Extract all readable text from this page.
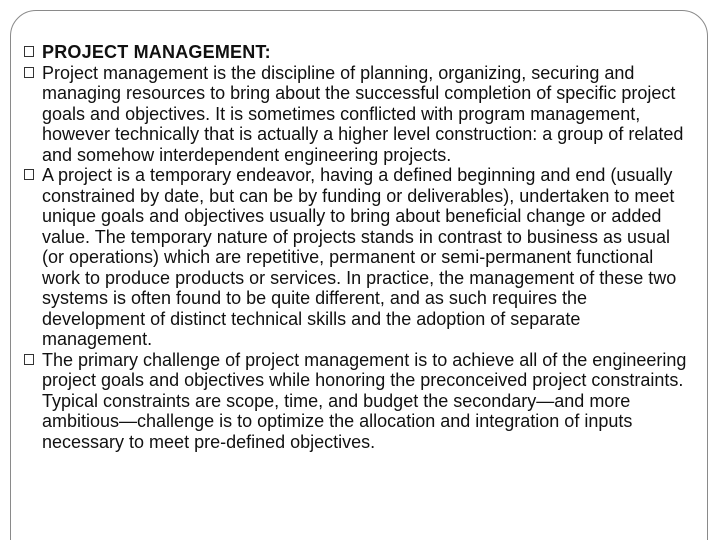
PROJECT MANAGEMENT:

Project management is the discipline of planning, organizing, securing and managing resources to bring about the successful completion of specific project goals and objectives. It is sometimes conflicted with program management, however technically that is actually a higher level construction: a group of related and somehow interdependent engineering projects.

A project is a temporary endeavor, having a defined beginning and end (usually constrained by date, but can be by funding or deliverables), undertaken to meet unique goals and objectives usually to bring about beneficial change or added value. The temporary nature of projects stands in contrast to business as usual (or operations) which are repetitive, permanent or semi-permanent functional work to produce products or services. In practice, the management of these two systems is often found to be quite different, and as such requires the development of distinct technical skills and the adoption of separate management.

The primary challenge of project management is to achieve all of the engineering project goals and objectives while honoring the preconceived project constraints. Typical constraints are scope, time, and budget the secondary—and more ambitious—challenge is to optimize the allocation and integration of inputs necessary to meet pre-defined objectives.
